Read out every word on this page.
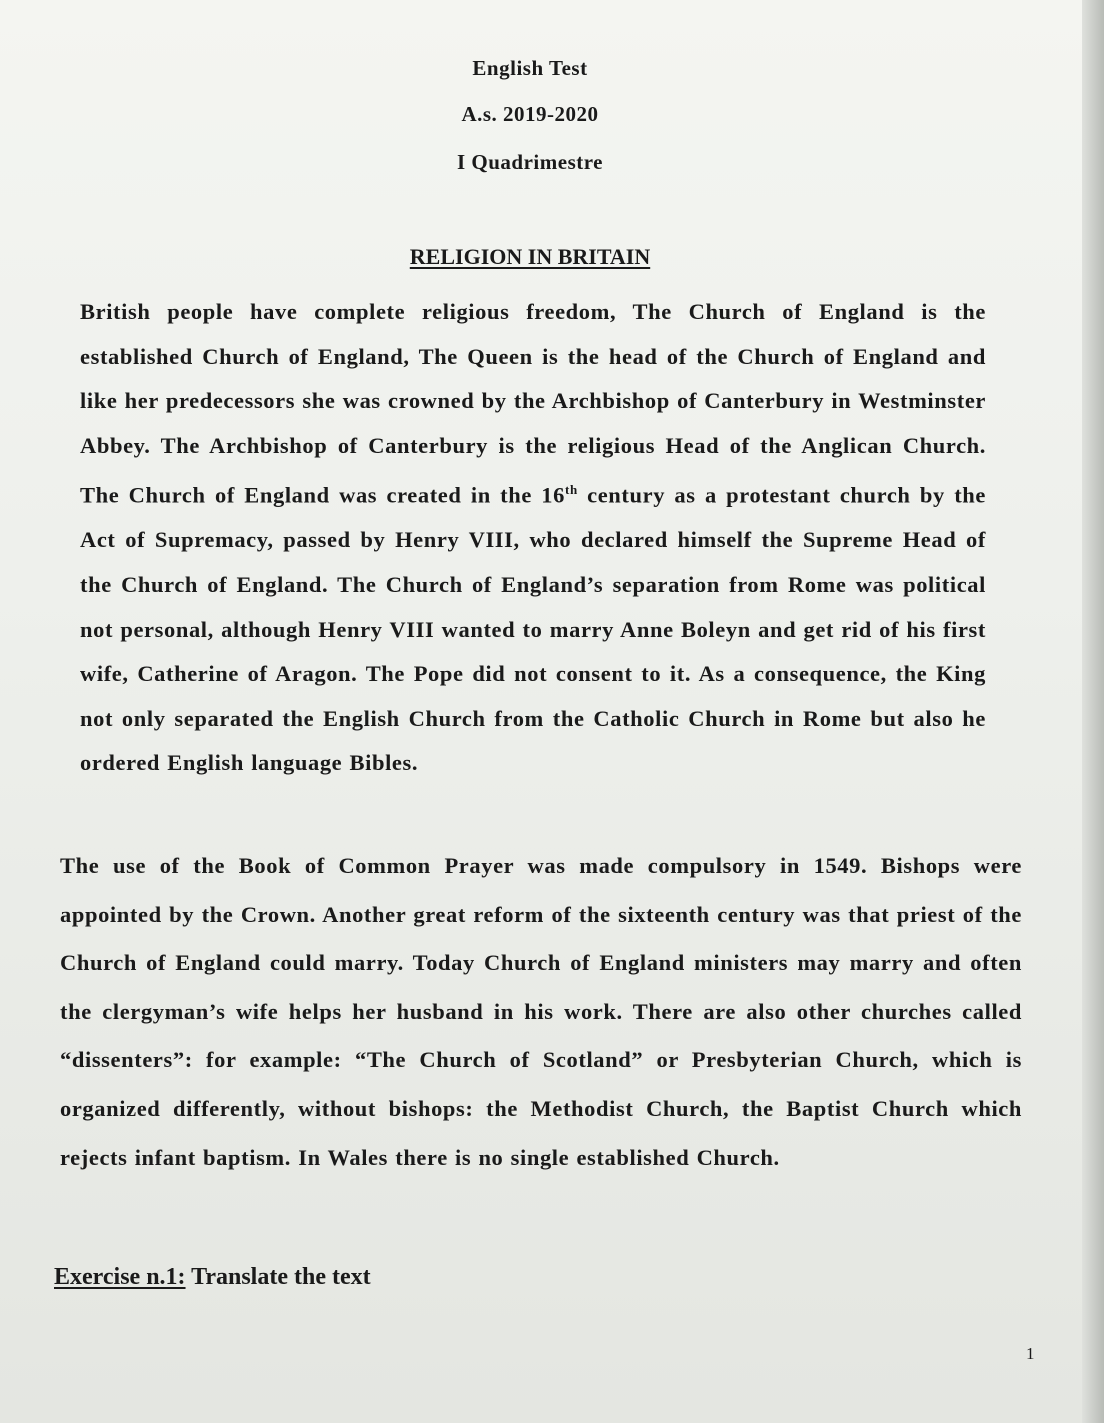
English Test
A.s. 2019-2020
I Quadrimestre
RELIGION IN BRITAIN
British people have complete religious freedom, The Church of England is the established Church of England, The Queen is the head of the Church of England and like her predecessors she was crowned by the Archbishop of Canterbury in Westminster Abbey. The Archbishop of Canterbury is the religious Head of the Anglican Church. The Church of England was created in the 16th century as a protestant church by the Act of Supremacy, passed by Henry VIII, who declared himself the Supreme Head of the Church of England. The Church of England’s separation from Rome was political not personal, although Henry VIII wanted to marry Anne Boleyn and get rid of his first wife, Catherine of Aragon. The Pope did not consent to it. As a consequence, the King not only separated the English Church from the Catholic Church in Rome but also he ordered English language Bibles.
The use of the Book of Common Prayer was made compulsory in 1549. Bishops were appointed by the Crown. Another great reform of the sixteenth century was that priest of the Church of England could marry. Today Church of England ministers may marry and often the clergyman’s wife helps her husband in his work. There are also other churches called “dissenters”: for example: “The Church of Scotland” or Presbyterian Church, which is organized differently, without bishops: the Methodist Church, the Baptist Church which rejects infant baptism. In Wales there is no single established Church.
Exercise n.1: Translate the text
1
